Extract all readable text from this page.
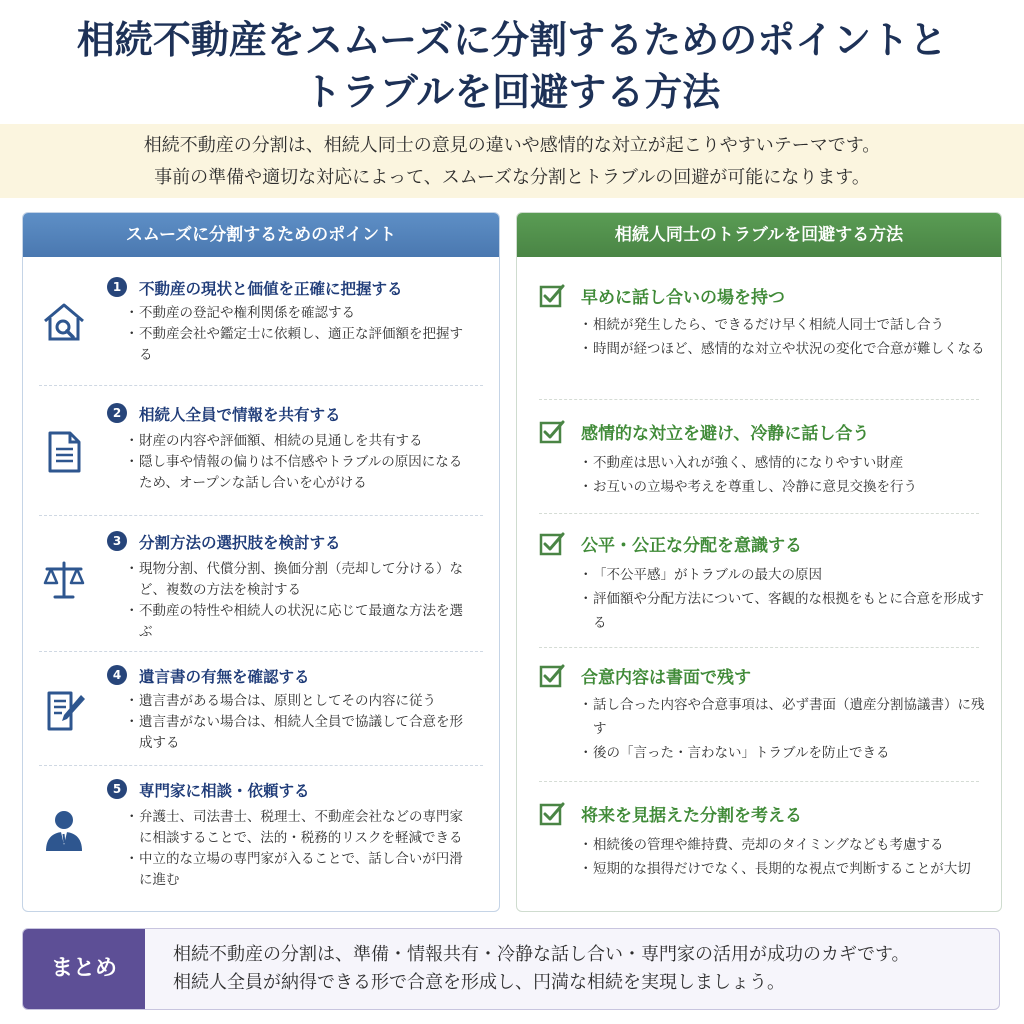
相続不動産をスムーズに分割するためのポイントと
トラブルを回避する方法
相続不動産の分割は、相続人同士の意見の違いや感情的な対立が起こりやすいテーマです。
事前の準備や適切な対応によって、スムーズな分割とトラブルの回避が可能になります。
スムーズに分割するためのポイント
1	不動産の現状と価値を正確に把握する
・ 不動産の登記や権利関係を確認する
・ 不動産会社や鑑定士に依頼し、適正な評価額を把握する
2	相続人全員で情報を共有する
・ 財産の内容や評価額、相続の見通しを共有する
・ 隠し事や情報の偏りは不信感やトラブルの原因になるため、オープンな話し合いを心がける
3	分割方法の選択肢を検討する
・ 現物分割、代償分割、換価分割（売却して分ける）など、複数の方法を検討する
・ 不動産の特性や相続人の状況に応じて最適な方法を選ぶ
4	遺言書の有無を確認する
・ 遺言書がある場合は、原則としてその内容に従う
・ 遺言書がない場合は、相続人全員で協議して合意を形成する
5	専門家に相談・依頼する
・ 弁護士、司法書士、税理士、不動産会社などの専門家に相談することで、法的・税務的リスクを軽減できる
・ 中立的な立場の専門家が入ることで、話し合いが円滑に進む
相続人同士のトラブルを回避する方法
早めに話し合いの場を持つ
・ 相続が発生したら、できるだけ早く相続人同士で話し合う
・ 時間が経つほど、感情的な対立や状況の変化で合意が難しくなる
感情的な対立を避け、冷静に話し合う
・ 不動産は思い入れが強く、感情的になりやすい財産
・ お互いの立場や考えを尊重し、冷静に意見交換を行う
公平・公正な分配を意識する
・ 「不公平感」がトラブルの最大の原因
・ 評価額や分配方法について、客観的な根拠をもとに合意を形成する
合意内容は書面で残す
・ 話し合った内容や合意事項は、必ず書面（遺産分割協議書）に残す
・ 後の「言った・言わない」トラブルを防止できる
将来を見据えた分割を考える
・ 相続後の管理や維持費、売却のタイミングなども考慮する
・ 短期的な損得だけでなく、長期的な視点で判断することが大切
まとめ
相続不動産の分割は、準備・情報共有・冷静な話し合い・専門家の活用が成功のカギです。
相続人全員が納得できる形で合意を形成し、円満な相続を実現しましょう。
